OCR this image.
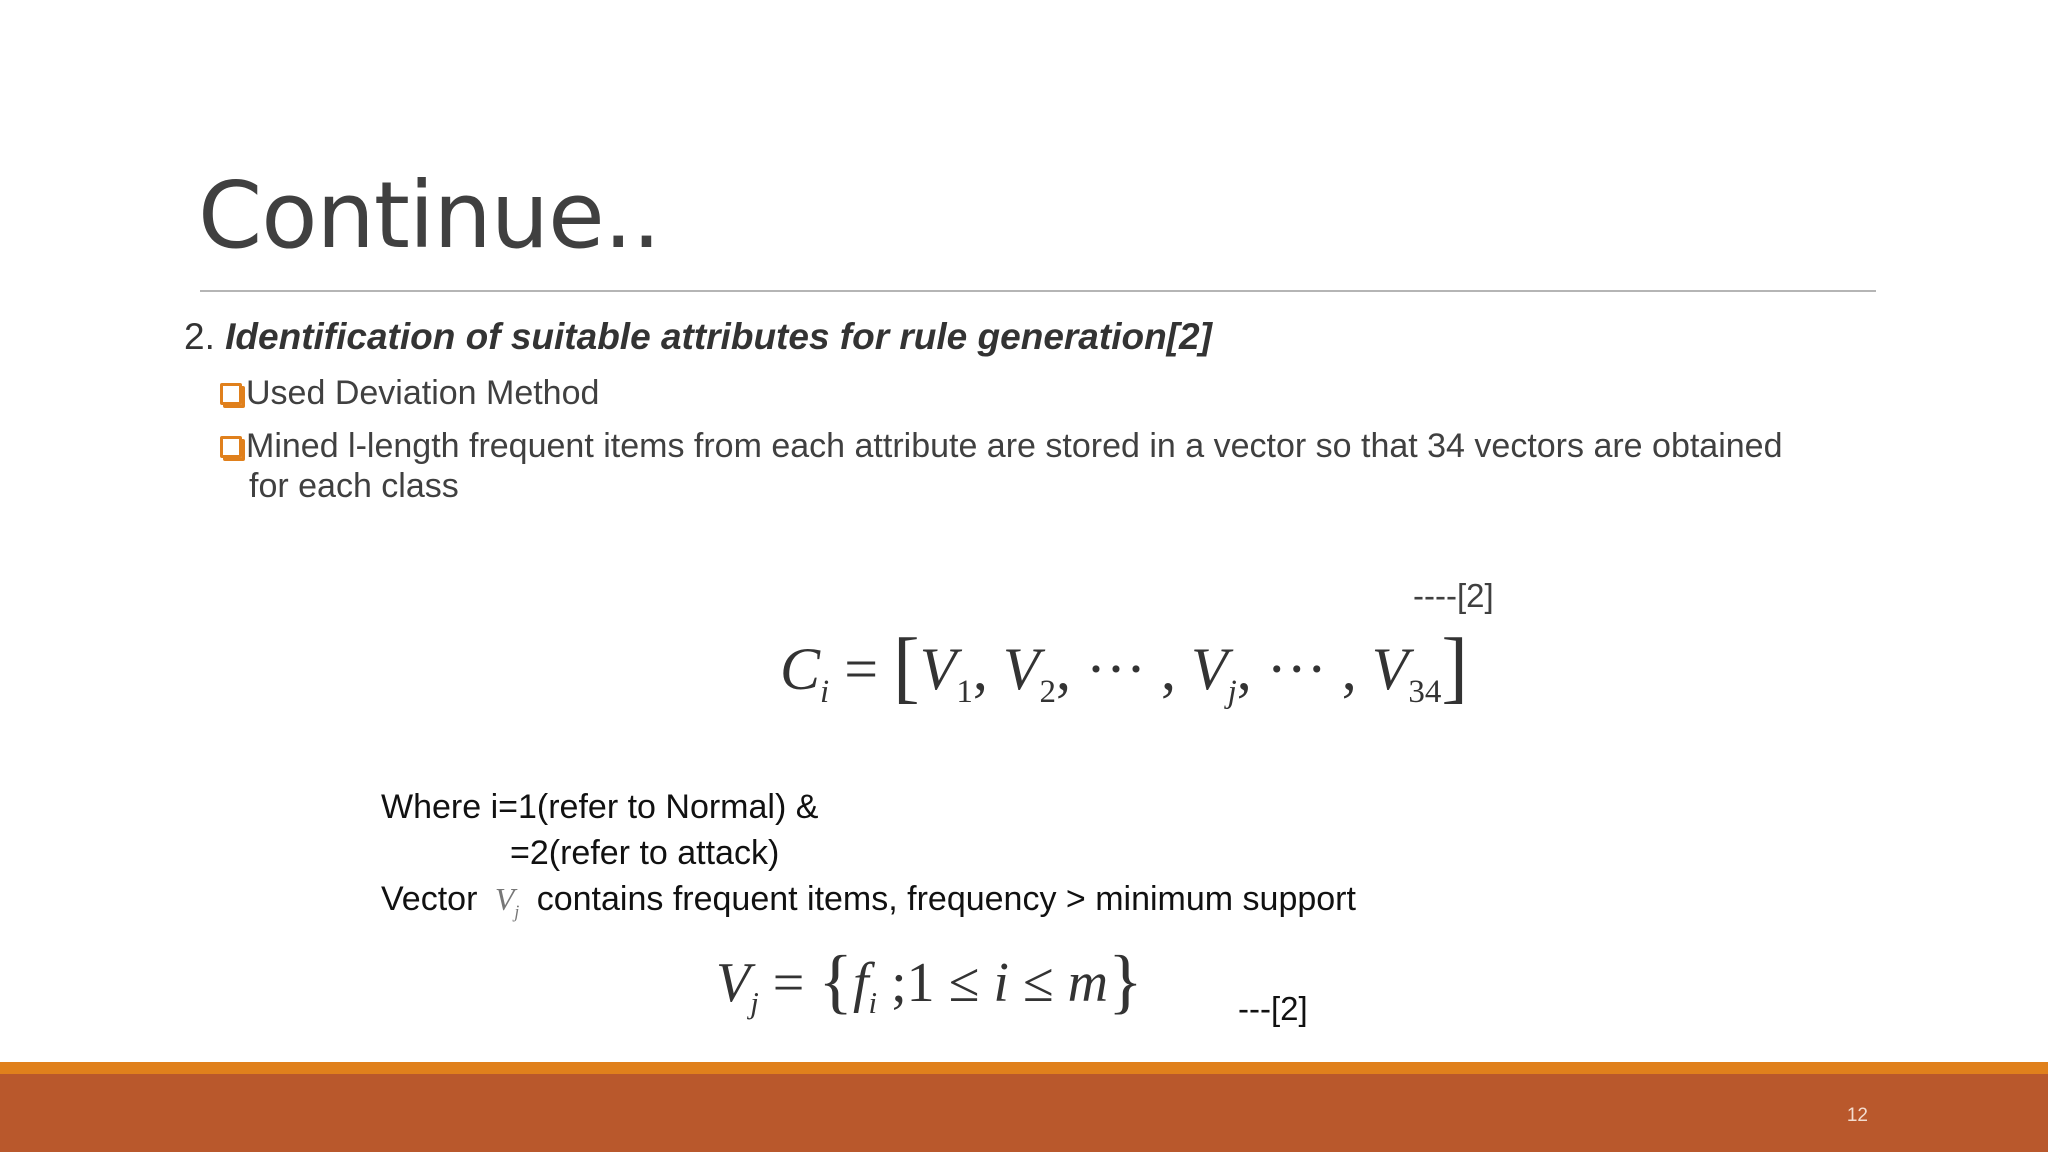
Continue..
2. Identification of suitable attributes for rule generation[2]
Used Deviation Method
Mined l-length frequent items from each attribute are stored in a vector so that 34 vectors are obtained
for each class
----[2]
$C_i = [V_1$, $V_2$, ··· , $V_j$, ··· , $V_{34}$]
Where i=1(refer to Normal) &
=2(refer to attack)
Vector $V_j$ contains frequent items, frequency > minimum support
$V_j = \{f_i$ ;1 ≤ i ≤ m}	---[2]
12
